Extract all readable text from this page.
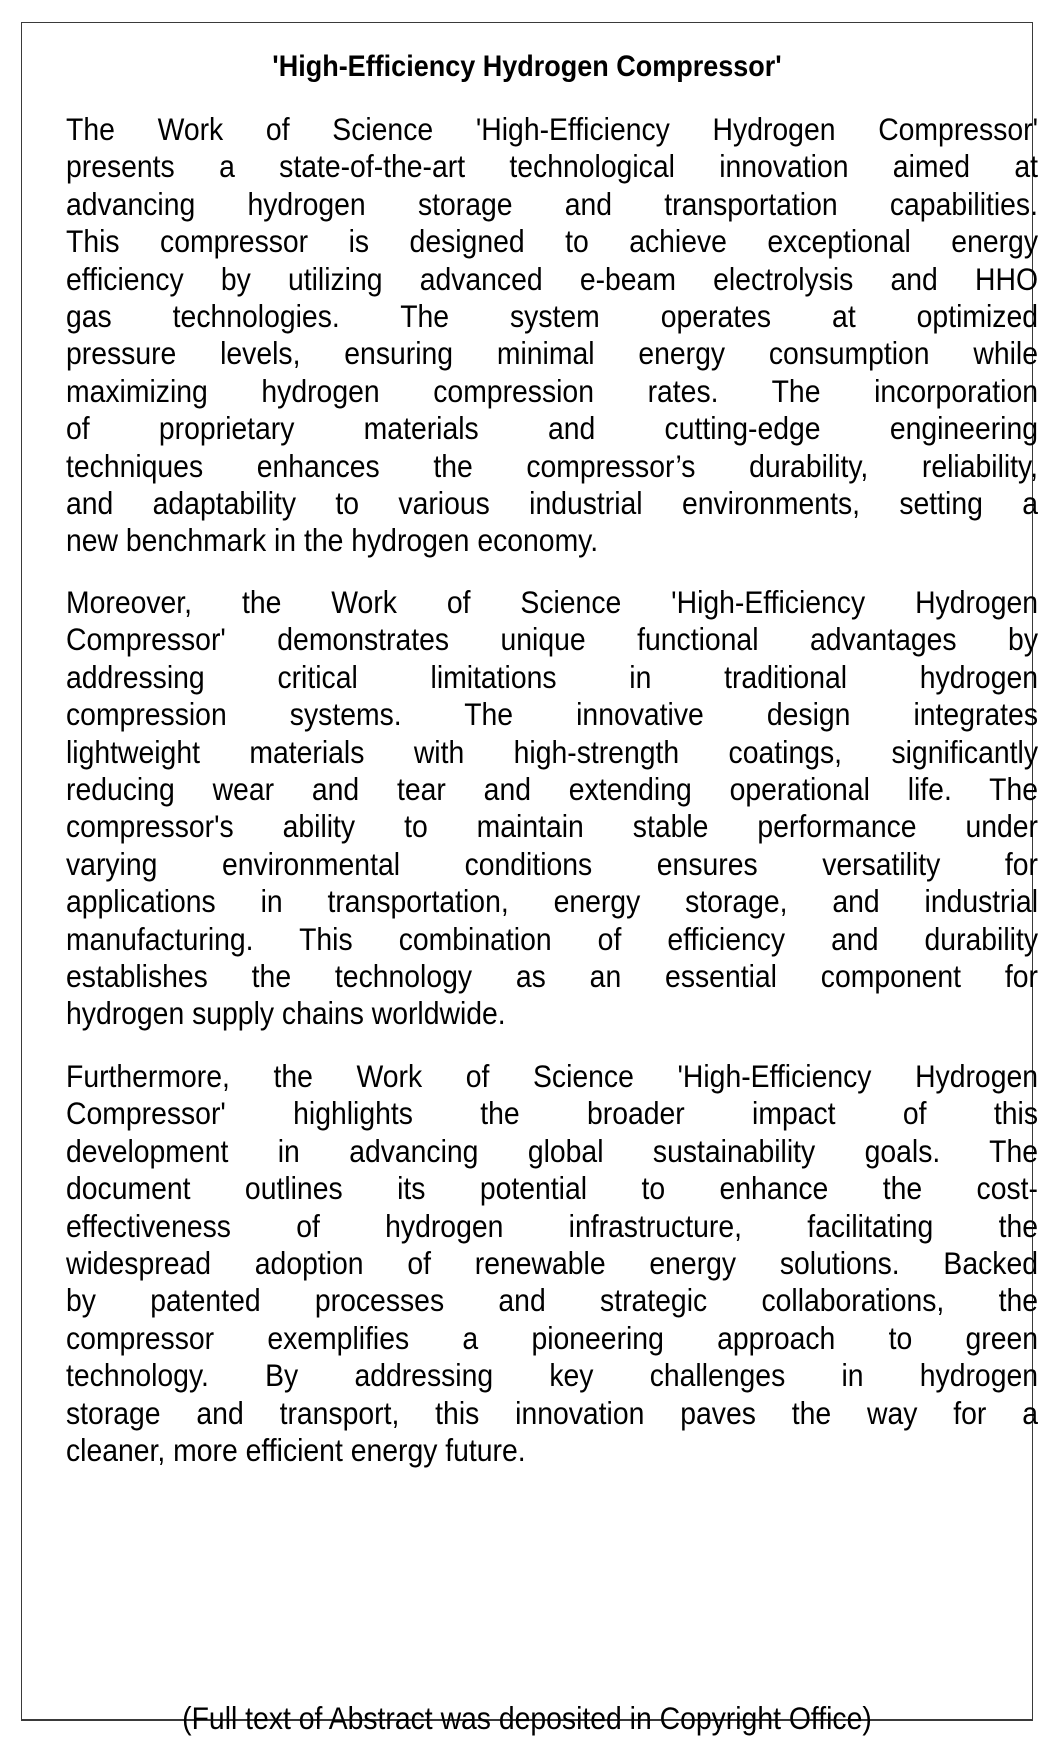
'High-Efficiency Hydrogen Compressor'
The Work of Science 'High-Efficiency Hydrogen Compressor'
presents a state-of-the-art technological innovation aimed at
advancing hydrogen storage and transportation capabilities.
This compressor is designed to achieve exceptional energy
efficiency by utilizing advanced e-beam electrolysis and HHO
gas technologies. The system operates at optimized
pressure levels, ensuring minimal energy consumption while
maximizing hydrogen compression rates. The incorporation
of proprietary materials and cutting-edge engineering
techniques enhances the compressor’s durability, reliability,
and adaptability to various industrial environments, setting a
new benchmark in the hydrogen economy.
Moreover, the Work of Science 'High-Efficiency Hydrogen
Compressor' demonstrates unique functional advantages by
addressing critical limitations in traditional hydrogen
compression systems. The innovative design integrates
lightweight materials with high-strength coatings, significantly
reducing wear and tear and extending operational life. The
compressor's ability to maintain stable performance under
varying environmental conditions ensures versatility for
applications in transportation, energy storage, and industrial
manufacturing. This combination of efficiency and durability
establishes the technology as an essential component for
hydrogen supply chains worldwide.
Furthermore, the Work of Science 'High-Efficiency Hydrogen
Compressor' highlights the broader impact of this
development in advancing global sustainability goals. The
document outlines its potential to enhance the cost-
effectiveness of hydrogen infrastructure, facilitating the
widespread adoption of renewable energy solutions. Backed
by patented processes and strategic collaborations, the
compressor exemplifies a pioneering approach to green
technology. By addressing key challenges in hydrogen
storage and transport, this innovation paves the way for a
cleaner, more efficient energy future.
(Full text of Abstract was deposited in Copyright Office)
